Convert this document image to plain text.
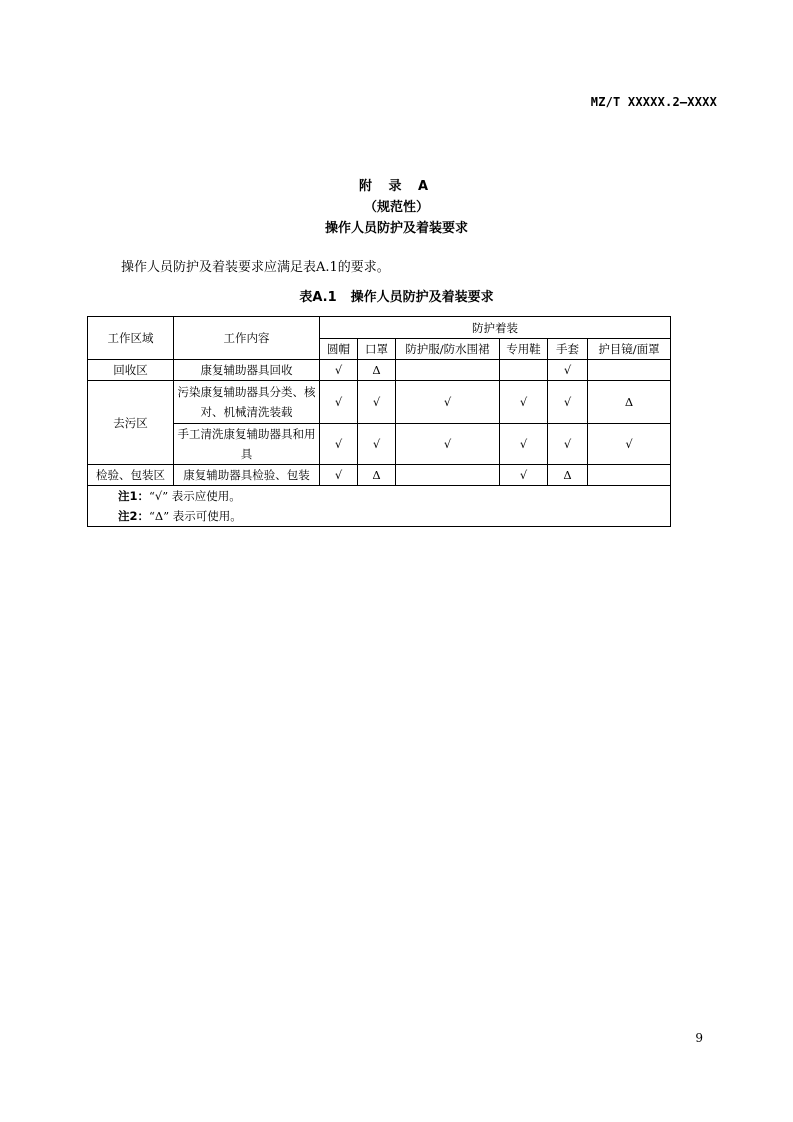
MZ/T XXXXX.2—XXXX
附 录 A
（规范性）
操作人员防护及着装要求
操作人员防护及着装要求应满足表A.1的要求。
表A.1 操作人员防护及着装要求
工作区域	工作内容	防护着装					
		圆帽	口罩	防护服/防水围裙	专用鞋	手套	护目镜/面罩
回收区	康复辅助器具回收	√	Δ			√	
去污区	污染康复辅助器具分类、核对、机械清洗装载	√	√	√	√	√	Δ
	手工清洗康复辅助器具和用具	√	√	√	√	√	√
检验、包装区	康复辅助器具检验、包装	√	Δ		√	Δ	

注1：“√” 表示应使用。
注2：“Δ” 表示可使用。							
9
